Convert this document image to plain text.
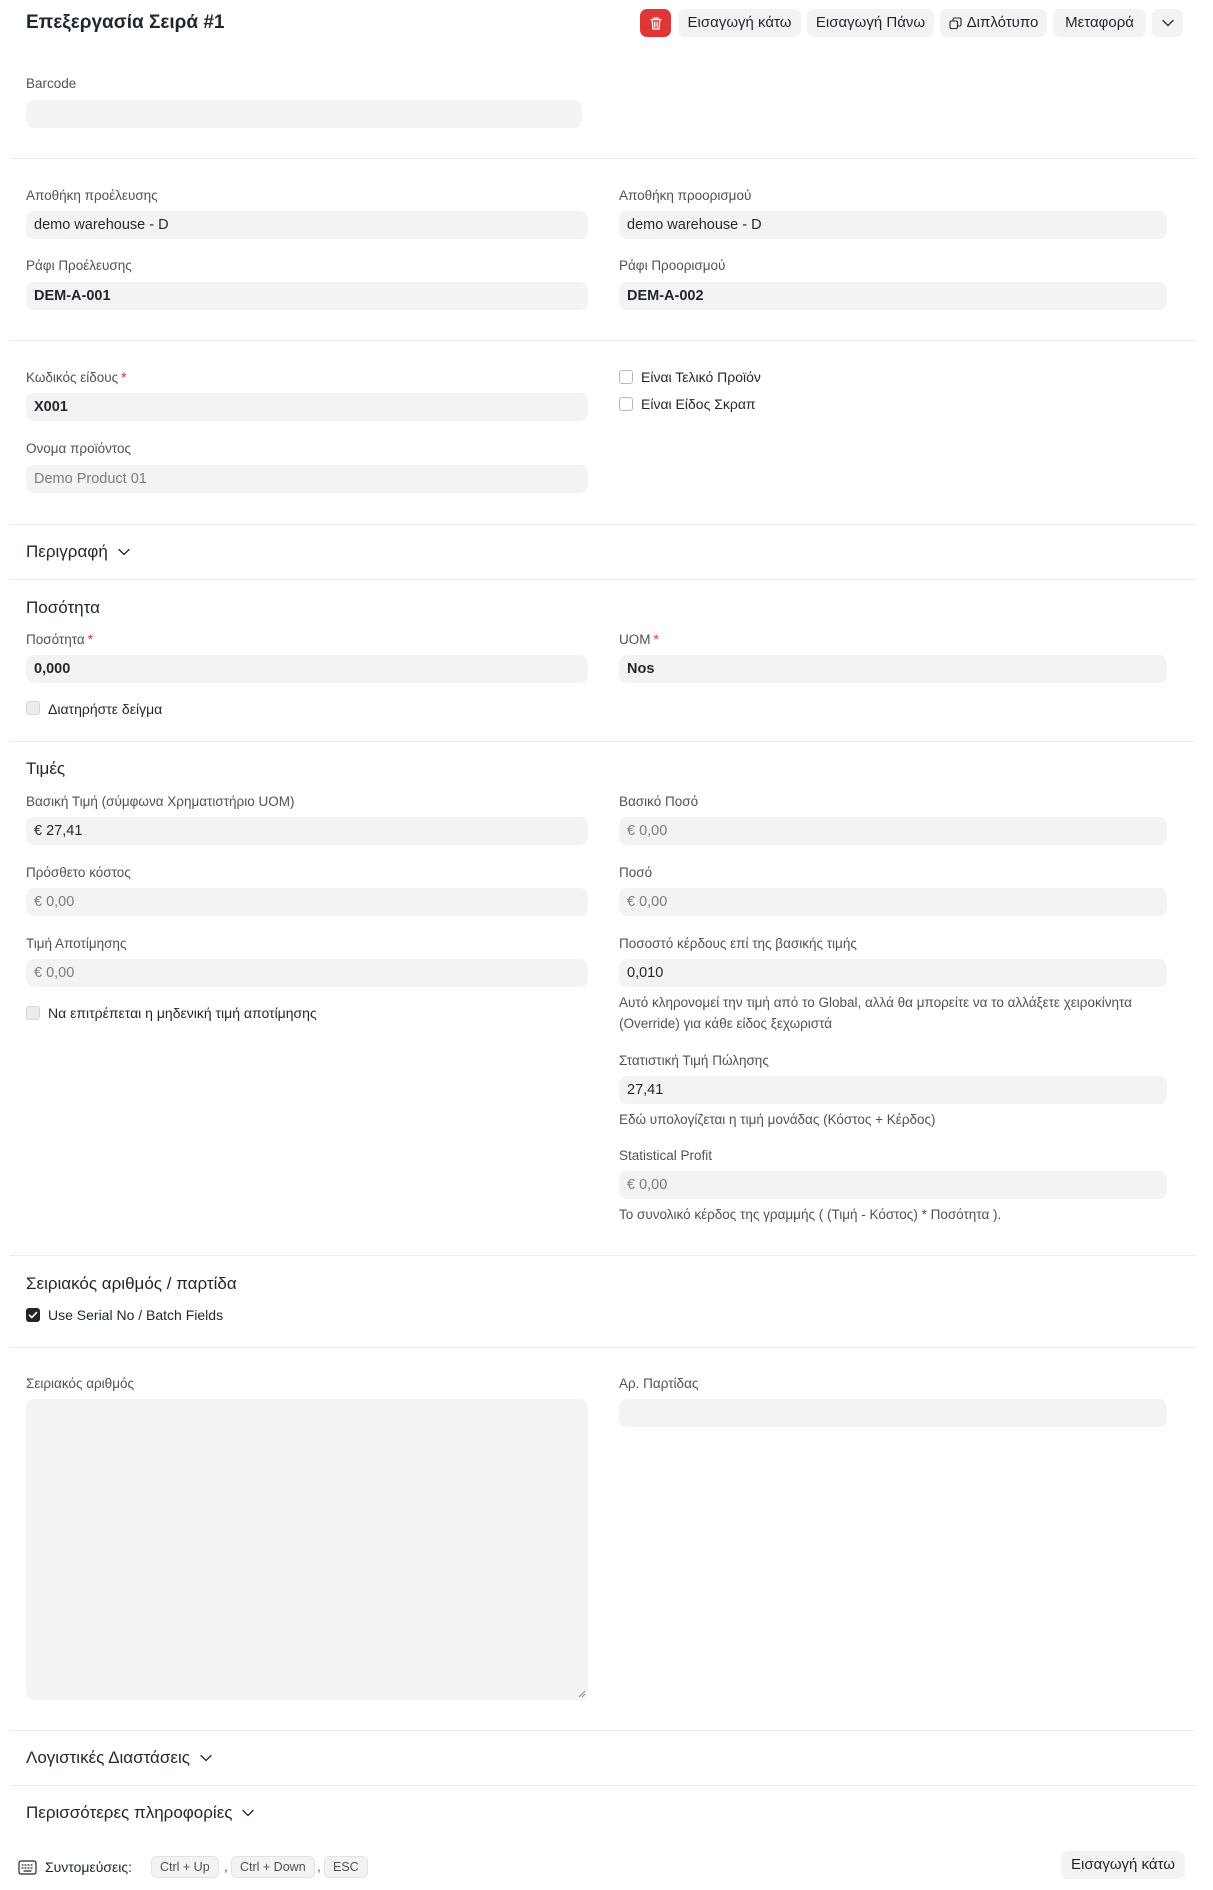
Επεξεργασία Σειρά #1	Εισαγωγή κάτω	Εισαγωγή Πάνω	Διπλότυπο	Μεταφορά
Barcode
Αποθήκη προέλευσης
demo warehouse - D
Αποθήκη προορισμού
demo warehouse - D
Ράφι Προέλευσης
DEM-A-001
Ράφι Προορισμού
DEM-A-002
Κωδικός είδους *
X001
Είναι Τελικό Προϊόν
Είναι Είδος Σκραπ
Ονομα προϊόντος
Demo Product 01
Περιγραφή
Ποσότητα
Ποσότητα *
0,000
UOM *
Nos
Διατηρήστε δείγμα
Τιμές
Βασική Τιμή (σύμφωνα Χρηματιστήριο UOM)
€ 27,41
Βασικό Ποσό
€ 0,00
Πρόσθετο κόστος
€ 0,00
Ποσό
€ 0,00
Τιμή Αποτίμησης
€ 0,00
Ποσοστό κέρδους επί της βασικής τιμής
0,010
Να επιτρέπεται η μηδενική τιμή αποτίμησης
Αυτό κληρονομεί την τιμή από το Global, αλλά θα μπορείτε να το αλλάξετε χειροκίνητα
(Override) για κάθε είδος ξεχωριστά
Στατιστική Τιμή Πώλησης
27,41
Εδώ υπολογίζεται η τιμή μονάδας (Κόστος + Κέρδος)
Statistical Profit
€ 0,00
Το συνολικό κέρδος της γραμμής ( (Τιμή - Κόστος) * Ποσότητα ).
Σειριακός αριθμός / παρτίδα
Use Serial No / Batch Fields
Σειριακός αριθμός	Αρ. Παρτίδας
Λογιστικές Διαστάσεις
Περισσότερες πληροφορίες
Συντομεύσεις:	Ctrl + Up	, Ctrl + Down , ESC	Εισαγωγή κάτω
